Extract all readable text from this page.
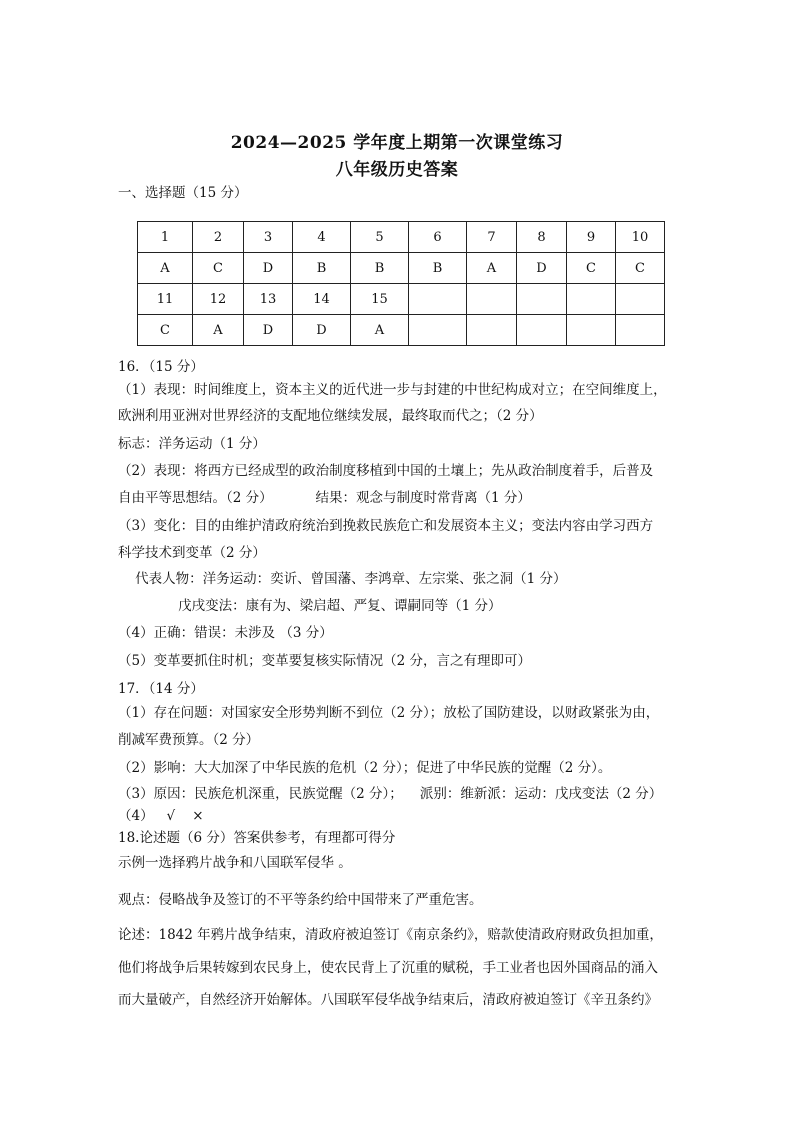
2024—2025 学年度上期第一次课堂练习
八年级历史答案
一、选择题（15 分）
1	2	3	4	5	6	7	8	9	10
A	C	D	B	B	B	A	D	C	C
11	12	13	14	15					
C	A	D	D	A					
16．（15 分）
（1）表现：时间维度上，资本主义的近代进一步与封建的中世纪构成对立；在空间维度上，
欧洲利用亚洲对世界经济的支配地位继续发展，最终取而代之；（2 分）
标志：洋务运动（1 分）
（2）表现：将西方已经成型的政治制度移植到中国的土壤上；先从政治制度着手，后普及
自由平等思想结。（2 分）          结果：观念与制度时常背离（1 分）
（3）变化：目的由维护清政府统治到挽救民族危亡和发展资本主义；变法内容由学习西方
科学技术到变革（2 分）
代表人物：洋务运动：奕䜣、曾国藩、李鸿章、左宗棠、张之洞（1 分）
戊戌变法：康有为、梁启超、严复、谭嗣同等（1 分）
（4）正确：错误：未涉及 （3 分）
（5）变革要抓住时机；变革要复核实际情况（2 分，言之有理即可）
17．（14 分）
（1）存在问题：对国家安全形势判断不到位（2 分）；放松了国防建设，以财政紧张为由，
削减军费预算。（2 分）
（2）影响：大大加深了中华民族的危机（2 分）；促进了中华民族的觉醒（2 分）。
（3）原因：民族危机深重，民族觉醒（2 分）；    派别：维新派：运动：戊戌变法（2 分）
（4）   √    ×
18.论述题（6 分）答案供参考，有理都可得分
示例一选择鸦片战争和八国联军侵华 。
观点：侵略战争及签订的不平等条约给中国带来了严重危害。
论述：1842 年鸦片战争结束，清政府被迫签订《南京条约》，赔款使清政府财政负担加重，
他们将战争后果转嫁到农民身上，使农民背上了沉重的赋税，手工业者也因外国商品的涌入
而大量破产，自然经济开始解体。八国联军侵华战争结束后，清政府被迫签订《辛丑条约》
